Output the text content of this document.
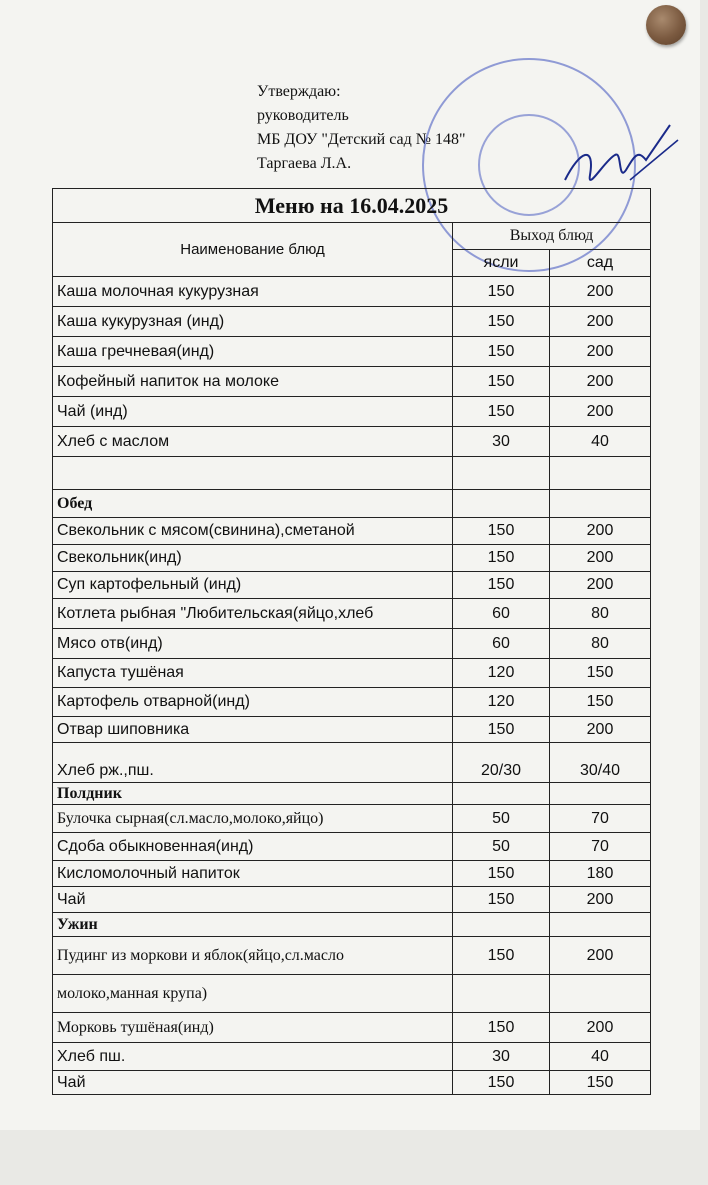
Утверждаю:
руководитель
МБ ДОУ "Детский сад № 148"
Таргаева Л.А.
Меню на 16.04.2025		
Наименование блюд	Выход блюд	
	ясли	сад
Каша молочная кукурузная	150	200
Каша кукурузная (инд)	150	200
Каша гречневая(инд)	150	200
Кофейный напиток на молоке	150	200
Чай (инд)	150	200
Хлеб с маслом	30	40

Обед		
Свекольник с мясом(свинина),сметаной	150	200
Свекольник(инд)	150	200
Суп картофельный (инд)	150	200
Котлета рыбная "Любительская(яйцо,хлеб	60	80
Мясо отв(инд)	60	80
Капуста тушёная	120	150
Картофель отварной(инд)	120	150
Отвар шиповника	150	200
Хлеб рж.,пш.	20/30	30/40
Полдник		
Булочка сырная(сл.масло,молоко,яйцо)	50	70
Сдоба обыкновенная(инд)	50	70
Кисломолочный напиток	150	180
Чай	150	200
Ужин		
Пудинг из моркови и яблок(яйцо,сл.масло	150	200
молоко,манная крупа)		
Морковь тушёная(инд)	150	200
Хлеб пш.	30	40
Чай	150	150
